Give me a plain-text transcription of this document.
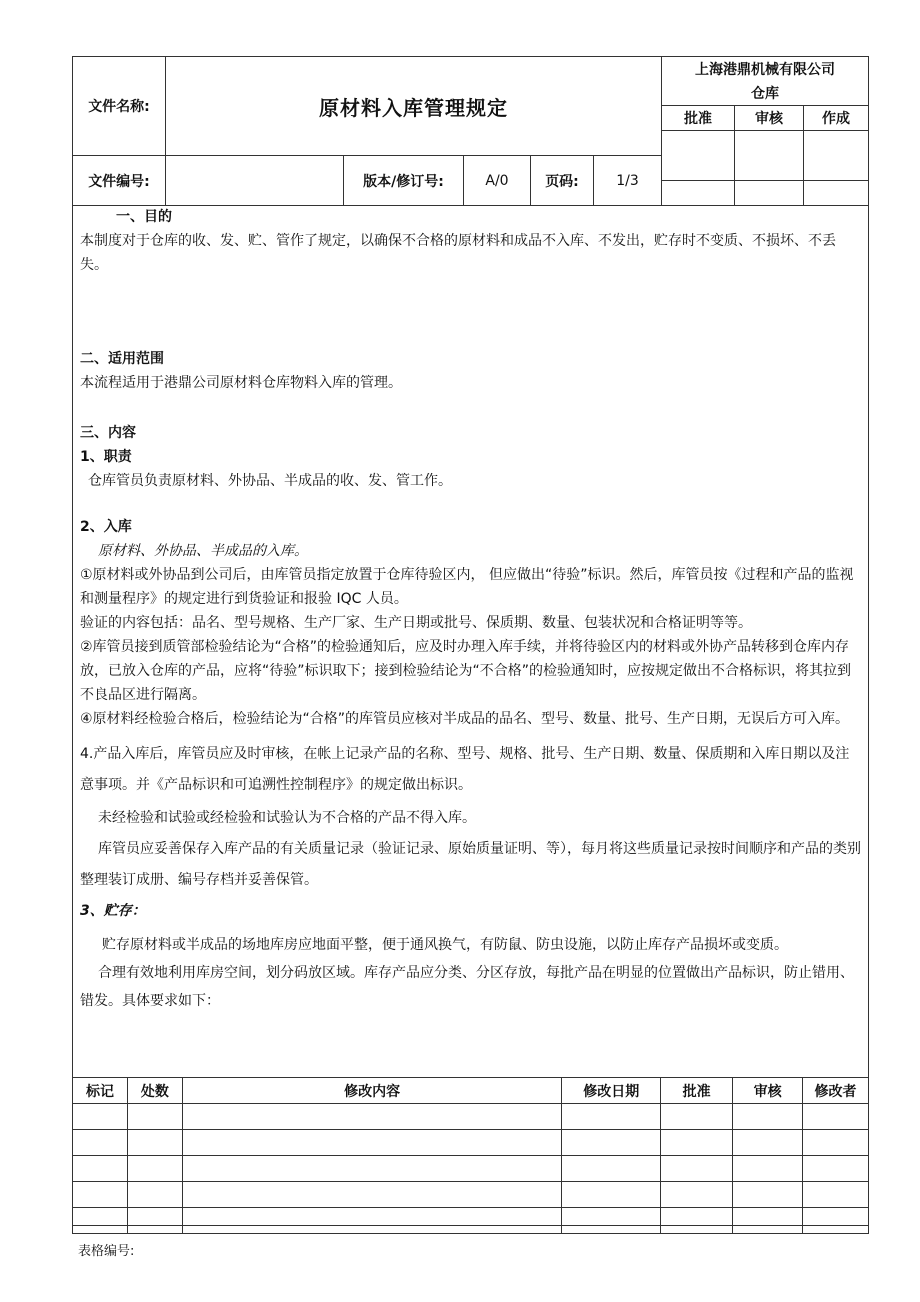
文件名称:	原材料入库管理规定
上海港鼎机械有限公司
仓库
批准	审核	作成
文件编号:	版本/修订号:	A/0	页码:	1/3

一、目的

本制度对于仓库的收、发、贮、管作了规定，以确保不合格的原材料和成品不入库、不发出，贮存时不变质、不损坏、不丢失。

二、适用范围

本流程适用于港鼎公司原材料仓库物料入库的管理。

三、内容

1、职责

仓库管员负责原材料、外协品、半成品的收、发、管工作。

2、入库

原材料、外协品、半成品的入库。

①原材料或外协品到公司后，由库管员指定放置于仓库待验区内， 但应做出“待验”标识。然后，库管员按《过程和产品的监视和测量程序》的规定进行到货验证和报验 IQC 人员。

验证的内容包括：品名、型号规格、生产厂家、生产日期或批号、保质期、数量、包装状况和合格证明等等。

②库管员接到质管部检验结论为“合格”的检验通知后，应及时办理入库手续，并将待验区内的材料或外协产品转移到仓库内存放，已放入仓库的产品，应将“待验”标识取下；接到检验结论为“不合格”的检验通知时，应按规定做出不合格标识，将其拉到不良品区进行隔离。

④原材料经检验合格后，检验结论为“合格”的库管员应核对半成品的品名、型号、数量、批号、生产日期，无误后方可入库。

4.产品入库后，库管员应及时审核，在帐上记录产品的名称、型号、规格、批号、生产日期、数量、保质期和入库日期以及注意事项。并《产品标识和可追溯性控制程序》的规定做出标识。

未经检验和试验或经检验和试验认为不合格的产品不得入库。

库管员应妥善保存入库产品的有关质量记录（验证记录、原始质量证明、等），每月将这些质量记录按时间顺序和产品的类别整理装订成册、编号存档并妥善保管。

3、贮存：

贮存原材料或半成品的场地库房应地面平整，便于通风换气，有防鼠、防虫设施，以防止库存产品损坏或变质。

合理有效地利用库房空间，划分码放区域。库存产品应分类、分区存放，每批产品在明显的位置做出产品标识，防止错用、错发。具体要求如下：

标记	处数	修改内容	修改日期	批准	审核	修改者

表格编号:
